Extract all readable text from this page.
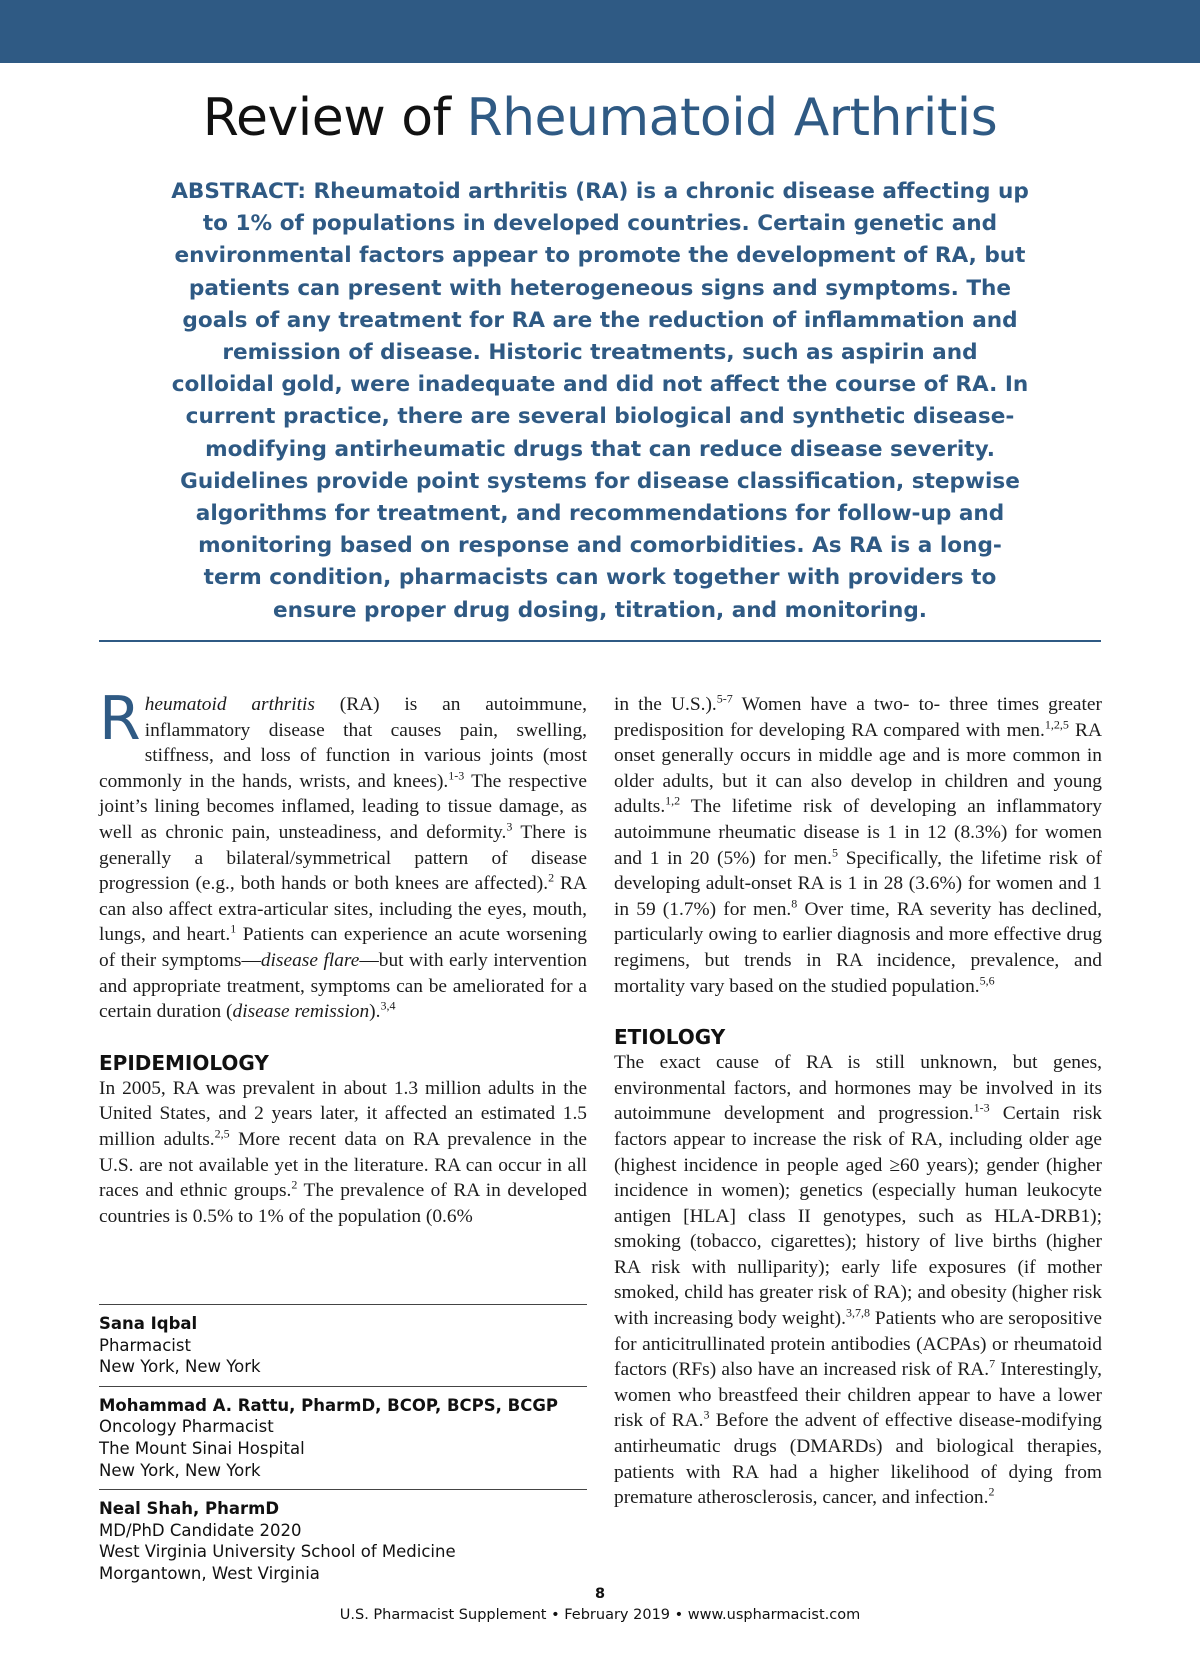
Review of Rheumatoid Arthritis

ABSTRACT: Rheumatoid arthritis (RA) is a chronic disease affecting up to 1% of populations in developed countries. Certain genetic and environmental factors appear to promote the development of RA, but patients can present with heterogeneous signs and symptoms. The goals of any treatment for RA are the reduction of inflammation and remission of disease. Historic treatments, such as aspirin and colloidal gold, were inadequate and did not affect the course of RA. In current practice, there are several biological and synthetic disease-modifying antirheumatic drugs that can reduce disease severity. Guidelines provide point systems for disease classification, stepwise algorithms for treatment, and recommendations for follow-up and monitoring based on response and comorbidities. As RA is a long-term condition, pharmacists can work together with providers to ensure proper drug dosing, titration, and monitoring.

Rheumatoid arthritis (RA) is an autoimmune, inflammatory disease that causes pain, swelling, stiffness, and loss of function in various joints (most commonly in the hands, wrists, and knees).$^{1-3}$ The respective joint’s lining becomes inflamed, leading to tissue damage, as well as chronic pain, unsteadiness, and deformity.$^3$ There is generally a bilateral/symmetrical pattern of disease progression (e.g., both hands or both knees are affected).$^2$ RA can also affect extra-articular sites, including the eyes, mouth, lungs, and heart.$^1$ Patients can experience an acute worsening of their symptoms—disease flare—but with early intervention and appropriate treatment, symptoms can be ameliorated for a certain duration (disease remission).$^{3,4}$

EPIDEMIOLOGY

In 2005, RA was prevalent in about 1.3 million adults in the United States, and 2 years later, it affected an estimated 1.5 million adults.$^{2,5}$ More recent data on RA prevalence in the U.S. are not available yet in the literature. RA can occur in all races and ethnic groups.$^2$ The prevalence of RA in developed countries is 0.5% to 1% of the population (0.6%

Sana Iqbal
Pharmacist
New York, New York
Mohammad A. Rattu, PharmD, BCOP, BCPS, BCGP
Oncology Pharmacist
The Mount Sinai Hospital
New York, New York
Neal Shah, PharmD
MD/PhD Candidate 2020
West Virginia University School of Medicine
Morgantown, West Virginia

in the U.S.).$^{5-7}$ Women have a two- to- three times greater predisposition for developing RA compared with men.$^{1,2,5}$ RA onset generally occurs in middle age and is more common in older adults, but it can also develop in children and young adults.$^{1,2}$ The lifetime risk of developing an inflammatory autoimmune rheumatic disease is 1 in 12 (8.3%) for women and 1 in 20 (5%) for men.$^5$ Specifically, the lifetime risk of developing adult-onset RA is 1 in 28 (3.6%) for women and 1 in 59 (1.7%) for men.$^8$ Over time, RA severity has declined, particularly owing to earlier diagnosis and more effective drug regimens, but trends in RA incidence, prevalence, and mortality vary based on the studied population.$^{5,6}$

ETIOLOGY

The exact cause of RA is still unknown, but genes, environmental factors, and hormones may be involved in its autoimmune development and progression.$^{1-3}$ Certain risk factors appear to increase the risk of RA, including older age (highest incidence in people aged ≥60 years); gender (higher incidence in women); genetics (especially human leukocyte antigen [HLA] class II genotypes, such as HLA-DRB1); smoking (tobacco, cigarettes); history of live births (higher RA risk with nulliparity); early life exposures (if mother smoked, child has greater risk of RA); and obesity (higher risk with increasing body weight).$^{3,7,8}$ Patients who are seropositive for anticitrullinated protein antibodies (ACPAs) or rheumatoid factors (RFs) also have an increased risk of RA.$^7$ Interestingly, women who breastfeed their children appear to have a lower risk of RA.$^3$ Before the advent of effective disease-modifying antirheumatic drugs (DMARDs) and biological therapies, patients with RA had a higher likelihood of dying from premature atherosclerosis, cancer, and infection.$^2$

8
U.S. Pharmacist Supplement • February 2019 • www.uspharmacist.com
